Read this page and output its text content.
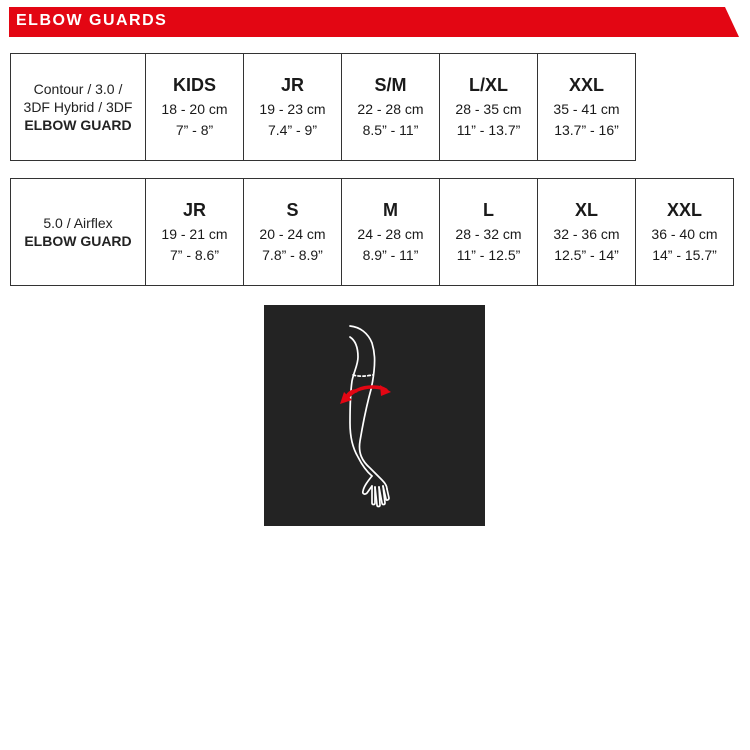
ELBOW GUARDS
Contour / 3.0 /
3DF Hybrid / 3DF
ELBOW GUARD

KIDS
18 - 20 cm
7” - 8”

JR
19 - 23 cm
7.4” - 9”

S/M
22 - 28 cm
8.5” - 11”

L/XL
28 - 35 cm
11” - 13.7”

XXL
35 - 41 cm
13.7” - 16”
5.0 / Airflex
ELBOW GUARD

JR
19 - 21 cm
7” - 8.6”

S
20 - 24 cm
7.8” - 8.9”

M
24 - 28 cm
8.9” - 11”

L
28 - 32 cm
11” - 12.5”

XL
32 - 36 cm
12.5” - 14”

XXL
36 - 40 cm
14” - 15.7”
